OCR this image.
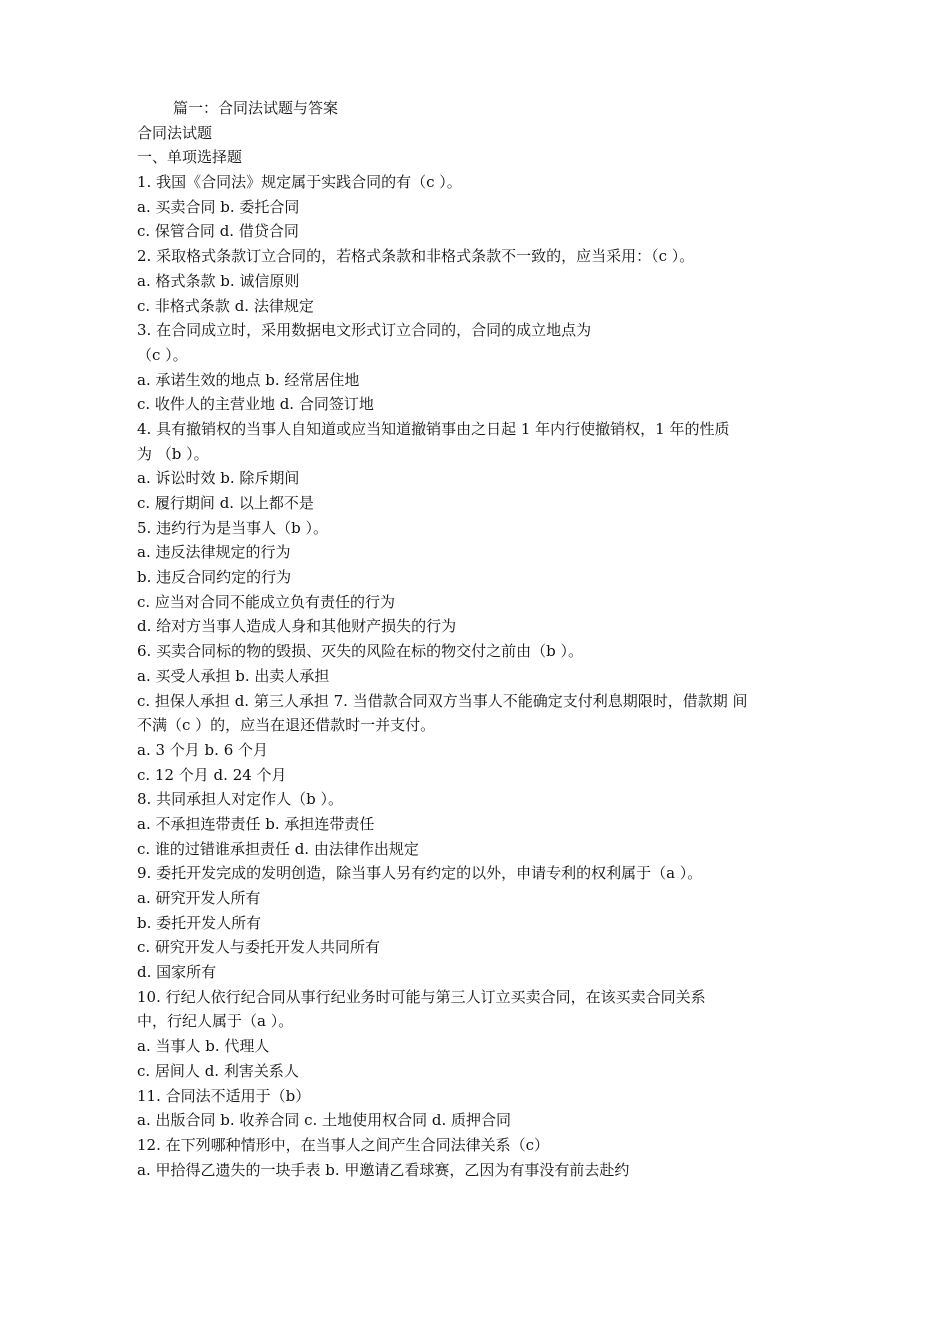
篇一：合同法试题与答案
合同法试题
一、单项选择题
1. 我国《合同法》规定属于实践合同的有（c ）。
a. 买卖合同 b. 委托合同
c. 保管合同 d. 借贷合同
2. 采取格式条款订立合同的，若格式条款和非格式条款不一致的，应当采用：（c ）。
a. 格式条款 b. 诚信原则
c. 非格式条款 d. 法律规定
3. 在合同成立时，采用数据电文形式订立合同的，合同的成立地点为
（c ）。
a. 承诺生效的地点 b. 经常居住地
c. 收件人的主营业地 d. 合同签订地
4. 具有撤销权的当事人自知道或应当知道撤销事由之日起 1 年内行使撤销权，1 年的性质
为 （b ）。
a. 诉讼时效 b. 除斥期间
c. 履行期间 d. 以上都不是
5. 违约行为是当事人（b ）。
a. 违反法律规定的行为
b. 违反合同约定的行为
c. 应当对合同不能成立负有责任的行为
d. 给对方当事人造成人身和其他财产损失的行为
6. 买卖合同标的物的毁损、灭失的风险在标的物交付之前由（b ）。
a. 买受人承担 b. 出卖人承担
c. 担保人承担 d. 第三人承担 7. 当借款合同双方当事人不能确定支付利息期限时，借款期 间
不满（c ）的，应当在退还借款时一并支付。
a. 3 个月 b. 6 个月
c. 12 个月 d. 24 个月
8. 共同承担人对定作人（b ）。
a. 不承担连带责任 b. 承担连带责任
c. 谁的过错谁承担责任 d. 由法律作出规定
9. 委托开发完成的发明创造，除当事人另有约定的以外，申请专利的权利属于（a ）。
a. 研究开发人所有
b. 委托开发人所有
c. 研究开发人与委托开发人共同所有
d. 国家所有
10. 行纪人依行纪合同从事行纪业务时可能与第三人订立买卖合同，在该买卖合同关系
中，行纪人属于（a ）。
a. 当事人 b. 代理人
c. 居间人 d. 利害关系人
11. 合同法不适用于（b）
a. 出版合同 b. 收养合同 c. 土地使用权合同 d. 质押合同
12. 在下列哪种情形中，在当事人之间产生合同法律关系（c）
a. 甲拾得乙遗失的一块手表 b. 甲邀请乙看球赛，乙因为有事没有前去赴约
